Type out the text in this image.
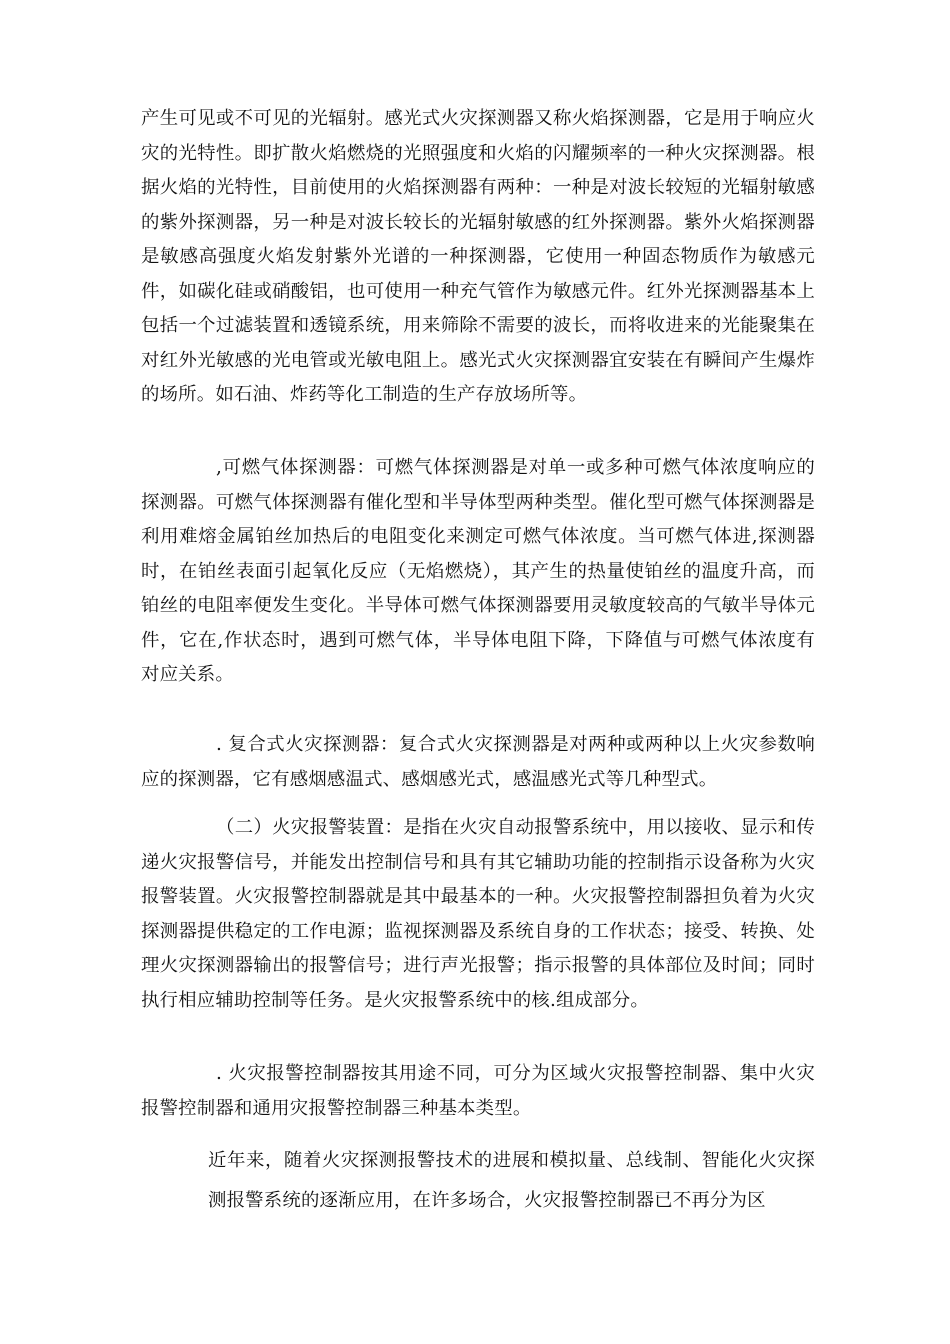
产生可见或不可见的光辐射。感光式火灾探测器又称火焰探测器，它是用于响应火灾的光特性。即扩散火焰燃烧的光照强度和火焰的闪耀频率的一种火灾探测器。根据火焰的光特性，目前使用的火焰探测器有两种：一种是对波长较短的光辐射敏感的紫外探测器，另一种是对波长较长的光辐射敏感的红外探测器。紫外火焰探测器是敏感高强度火焰发射紫外光谱的一种探测器，它使用一种固态物质作为敏感元件，如碳化硅或硝酸铝，也可使用一种充气管作为敏感元件。红外光探测器基本上包括一个过滤装置和透镜系统，用来筛除不需要的波长，而将收进来的光能聚集在对红外光敏感的光电管或光敏电阻上。感光式火灾探测器宜安装在有瞬间产生爆炸的场所。如石油、炸药等化工制造的生产存放场所等。

,可燃气体探测器：可燃气体探测器是对单一或多种可燃气体浓度响应的探测器。可燃气体探测器有催化型和半导体型两种类型。催化型可燃气体探测器是利用难熔金属铂丝加热后的电阻变化来测定可燃气体浓度。当可燃气体进,探测器时，在铂丝表面引起氧化反应（无焰燃烧），其产生的热量使铂丝的温度升高，而铂丝的电阻率便发生变化。半导体可燃气体探测器要用灵敏度较高的气敏半导体元件，它在,作状态时，遇到可燃气体，半导体电阻下降，下降值与可燃气体浓度有对应关系。

. 复合式火灾探测器：复合式火灾探测器是对两种或两种以上火灾参数响应的探测器，它有感烟感温式、感烟感光式，感温感光式等几种型式。

（二）火灾报警装置：是指在火灾自动报警系统中，用以接收、显示和传递火灾报警信号，并能发出控制信号和具有其它辅助功能的控制指示设备称为火灾报警装置。火灾报警控制器就是其中最基本的一种。火灾报警控制器担负着为火灾探测器提供稳定的工作电源；监视探测器及系统自身的工作状态；接受、转换、处理火灾探测器输出的报警信号；进行声光报警；指示报警的具体部位及时间；同时执行相应辅助控制等任务。是火灾报警系统中的核.组成部分。

. 火灾报警控制器按其用途不同，可分为区域火灾报警控制器、集中火灾报警控制器和通用灾报警控制器三种基本类型。

近年来，随着火灾探测报警技术的进展和模拟量、总线制、智能化火灾探测报警系统的逐渐应用，在许多场合，火灾报警控制器已不再分为区
